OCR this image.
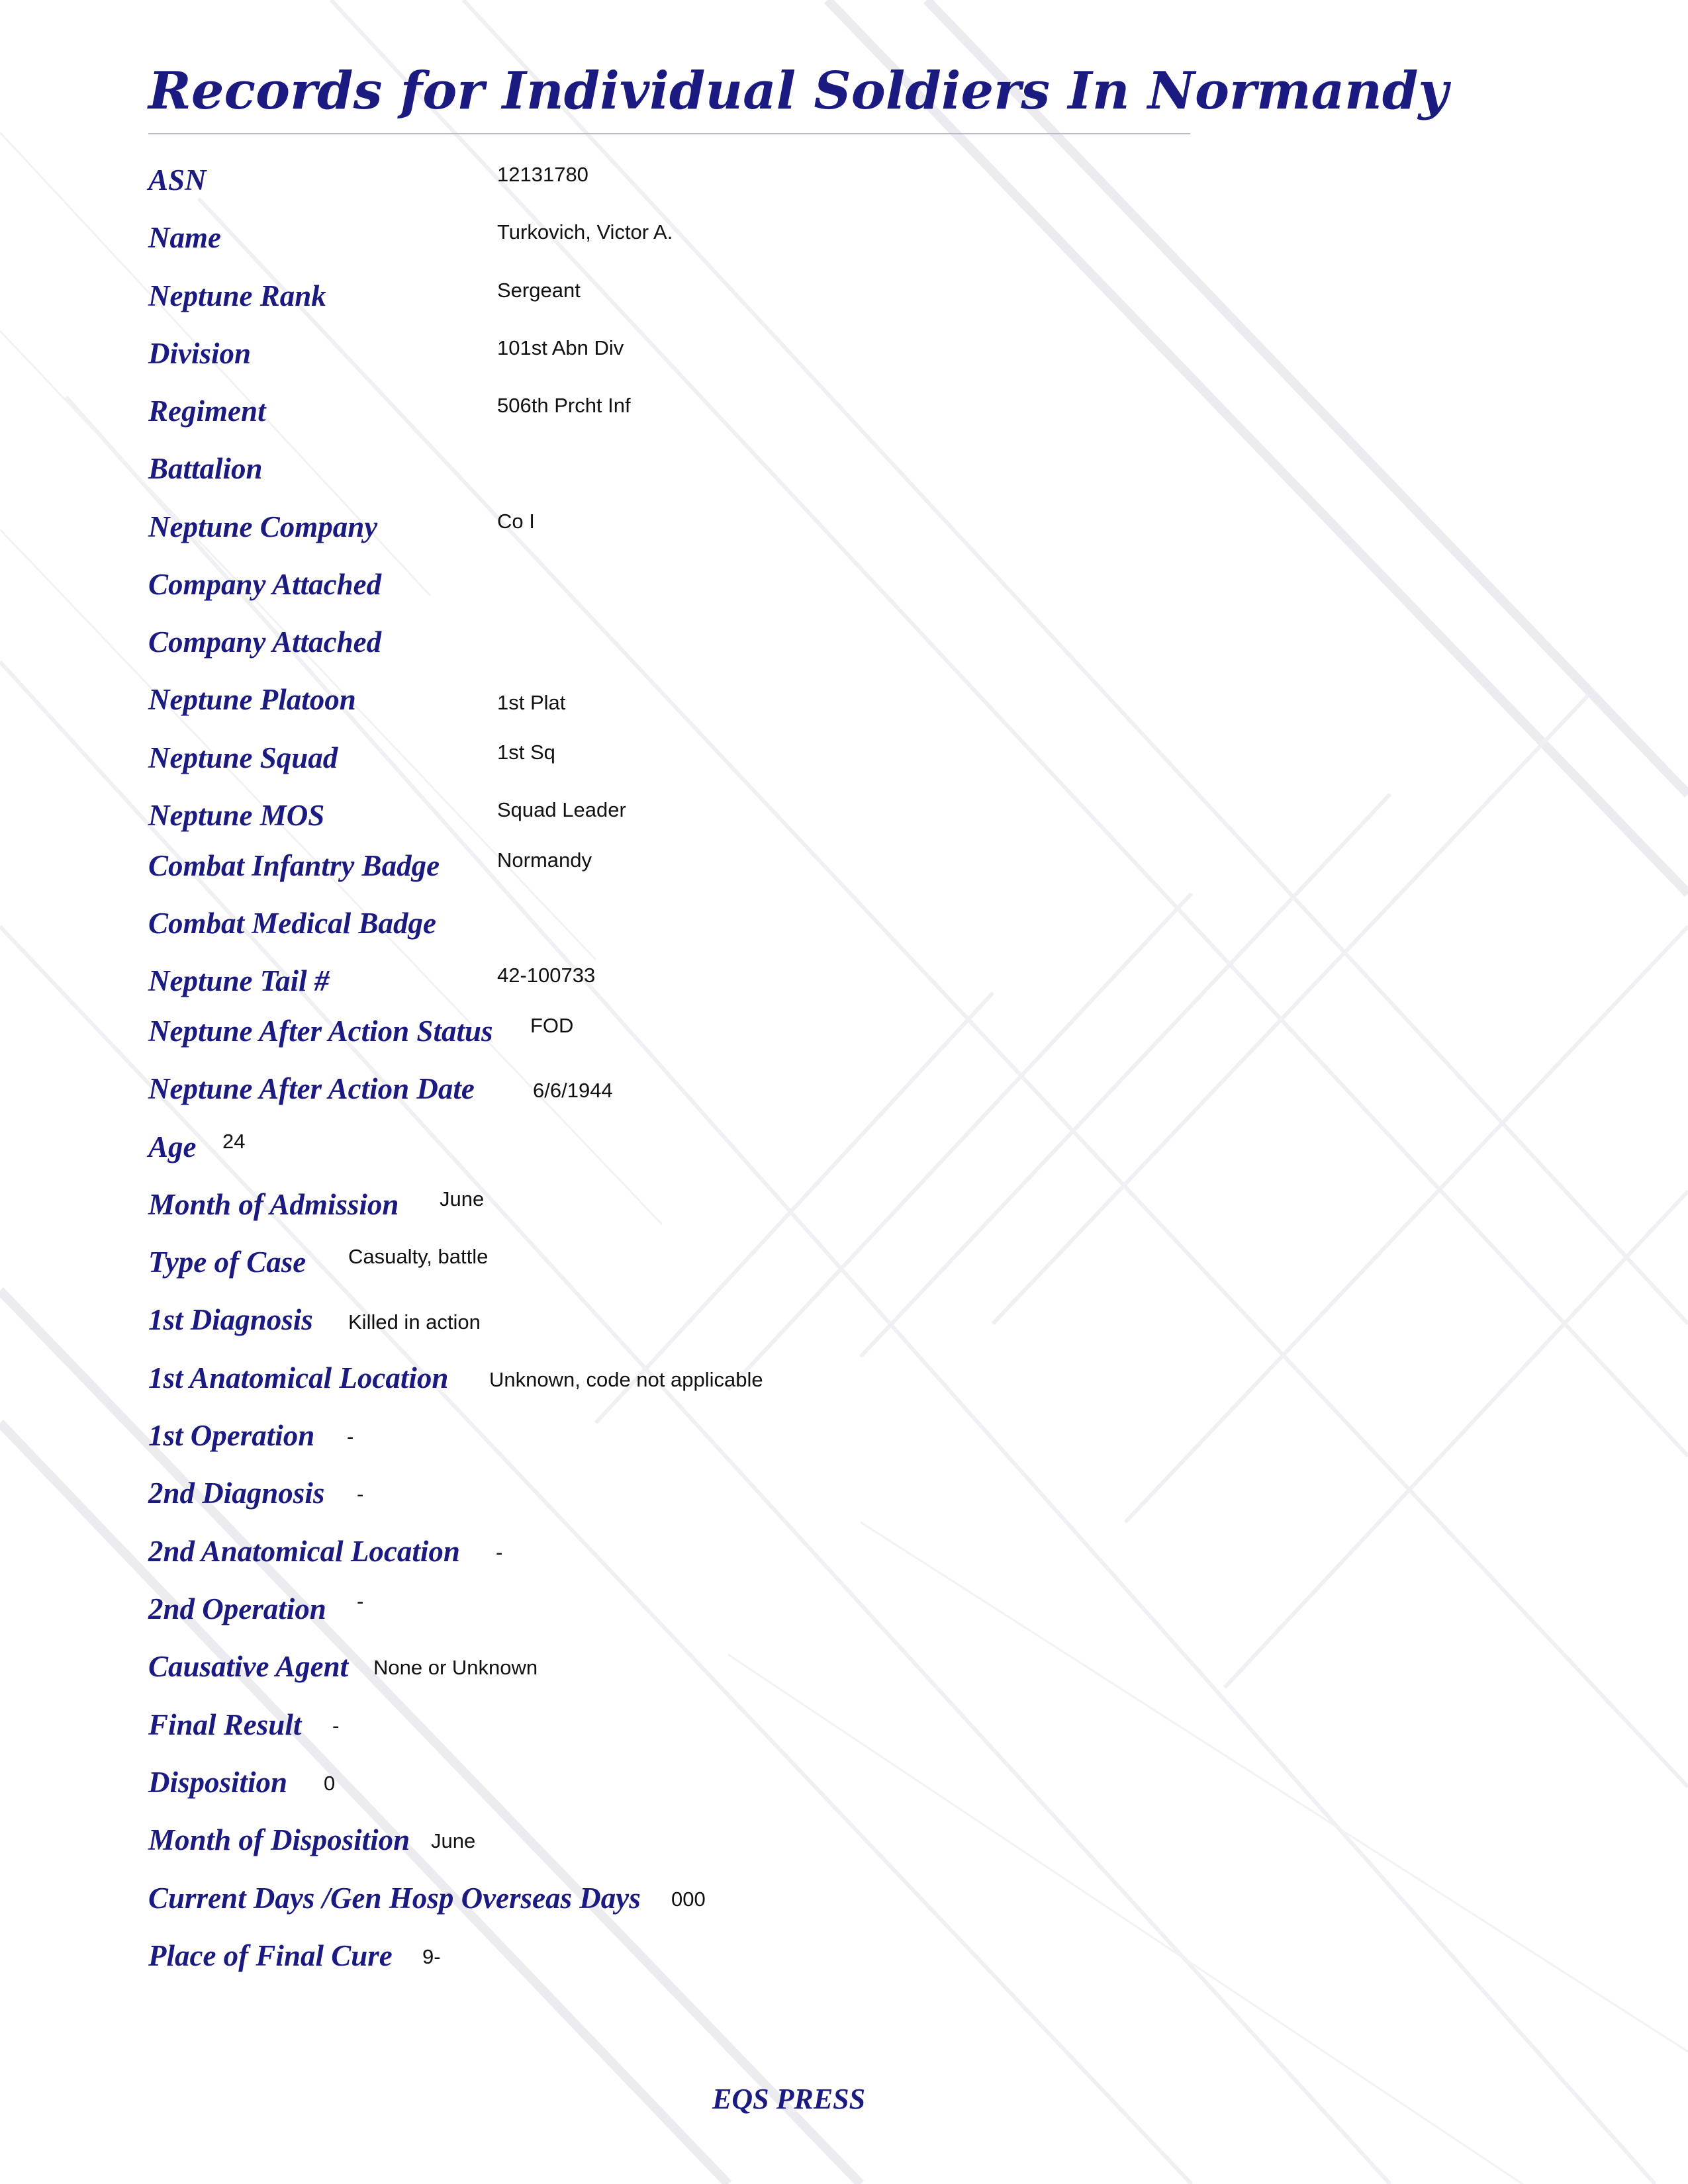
Records for Individual Soldiers In Normandy
ASN	12131780
Name	Turkovich, Victor A.
Neptune Rank	Sergeant
Division	101st Abn Div
Regiment	506th Prcht Inf
Battalion
Neptune Company	Co I
Company Attached
Company Attached
Neptune Platoon	1st Plat
Neptune Squad	1st Sq
Neptune MOS	Squad Leader
Combat Infantry Badge	Normandy
Combat Medical Badge
Neptune Tail #	42-100733
Neptune After Action Status FOD
Neptune After Action Date	6/6/1944
Age 24
Month of Admission June
Type of Case Casualty, battle
1st Diagnosis Killed in action
1st Anatomical Location Unknown, code not applicable
1st Operation -
2nd Diagnosis -
2nd Anatomical Location -
2nd Operation -
Causative Agent None or Unknown
Final Result -
Disposition 0
Month of Disposition June
Current Days /Gen Hosp Overseas Days 000
Place of Final Cure 9-
EQS PRESS
